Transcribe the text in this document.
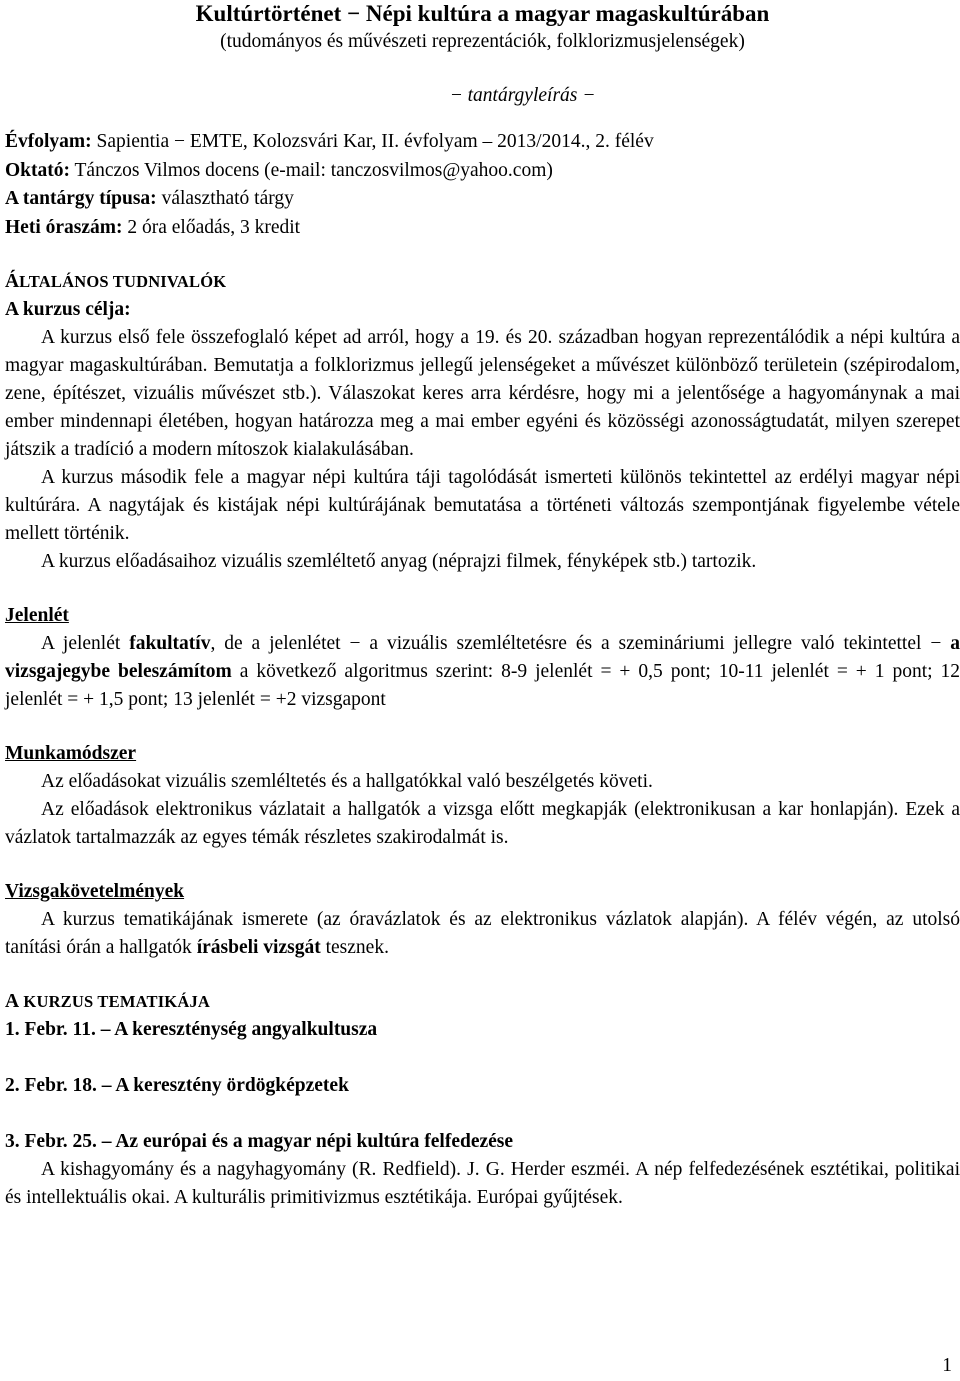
Kultúrtörténet − Népi kultúra a magyar magaskultúrában
(tudományos és művészeti reprezentációk, folklorizmusjelenségek)
− tantárgyleírás −
Évfolyam: Sapientia − EMTE, Kolozsvári Kar, II. évfolyam – 2013/2014., 2. félév
Oktató: Tánczos Vilmos docens (e-mail: tanczosvilmos@yahoo.com)
A tantárgy típusa: választható tárgy
Heti óraszám: 2 óra előadás, 3 kredit
ÁLTALÁNOS TUDNIVALÓK
A kurzus célja:

A kurzus első fele összefoglaló képet ad arról, hogy a 19. és 20. században hogyan reprezentálódik a népi kultúra a magyar magaskultúrában. Bemutatja a folklorizmus jellegű jelenségeket a művészet különböző területein (szépirodalom, zene, építészet, vizuális művészet stb.). Válaszokat keres arra kérdésre, hogy mi a jelentősége a hagyománynak a mai ember mindennapi életében, hogyan határozza meg a mai ember egyéni és közösségi azonosságtudatát, milyen szerepet játszik a tradíció a modern mítoszok kialakulásában.

A kurzus második fele a magyar népi kultúra táji tagolódását ismerteti különös tekintettel az erdélyi magyar népi kultúrára. A nagytájak és kistájak népi kultúrájának bemutatása a történeti változás szempontjának figyelembe vétele mellett történik.

A kurzus előadásaihoz vizuális szemléltető anyag (néprajzi filmek, fényképek stb.) tartozik.

Jelenlét

A jelenlét fakultatív, de a jelenlétet − a vizuális szemléltetésre és a szemináriumi jellegre való tekintettel − a vizsgajegybe beleszámítom a következő algoritmus szerint: 8-9 jelenlét = + 0,5 pont; 10-11 jelenlét = + 1 pont; 12 jelenlét = + 1,5 pont; 13 jelenlét = +2 vizsgapont

Munkamódszer

Az előadásokat vizuális szemléltetés és a hallgatókkal való beszélgetés követi.

Az előadások elektronikus vázlatait a hallgatók a vizsga előtt megkapják (elektronikusan a kar honlapján). Ezek a vázlatok tartalmazzák az egyes témák részletes szakirodalmát is.

Vizsgakövetelmények

A kurzus tematikájának ismerete (az óravázlatok és az elektronikus vázlatok alapján). A félév végén, az utolsó tanítási órán a hallgatók írásbeli vizsgát tesznek.

A KURZUS TEMATIKÁJA
1. Febr. 11. – A kereszténység angyalkultusza
2. Febr. 18. – A keresztény ördögképzetek
3. Febr. 25. – Az európai és a magyar népi kultúra felfedezése

A kishagyomány és a nagyhagyomány (R. Redfield). J. G. Herder eszméi. A nép felfedezésének esztétikai, politikai és intellektuális okai. A kulturális primitivizmus esztétikája. Európai gyűjtések.

1
